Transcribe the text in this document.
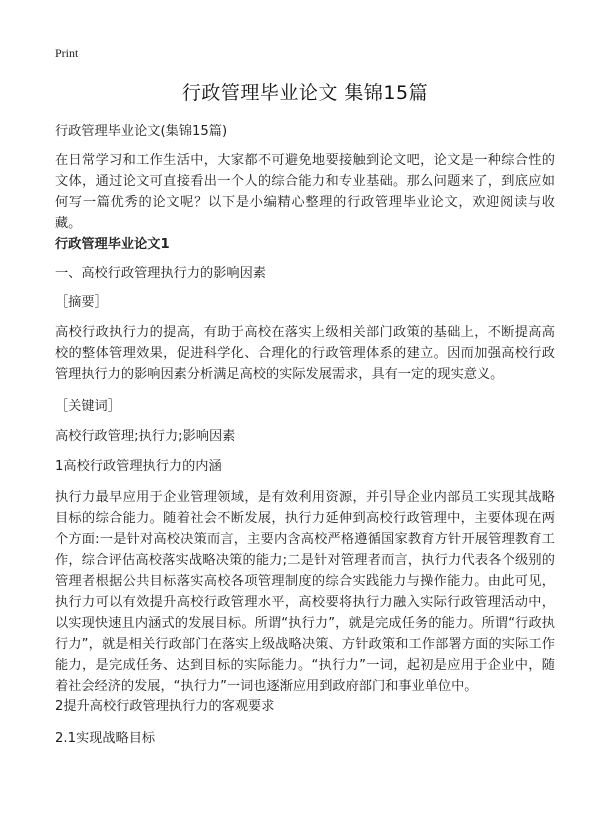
Print
行政管理毕业论文 集锦15篇
行政管理毕业论文(集锦15篇)
在日常学习和工作生活中，大家都不可避免地要接触到论文吧，论文是一种综合性的文体，通过论文可直接看出一个人的综合能力和专业基础。那么问题来了，到底应如何写一篇优秀的论文呢？以下是小编精心整理的行政管理毕业论文，欢迎阅读与收藏。
行政管理毕业论文1
一、高校行政管理执行力的影响因素
［摘要］
高校行政执行力的提高，有助于高校在落实上级相关部门政策的基础上，不断提高高校的整体管理效果，促进科学化、合理化的行政管理体系的建立。因而加强高校行政管理执行力的影响因素分析满足高校的实际发展需求，具有一定的现实意义。
［关键词］
高校行政管理;执行力;影响因素
1高校行政管理执行力的内涵
执行力最早应用于企业管理领域，是有效利用资源，并引导企业内部员工实现其战略目标的综合能力。随着社会不断发展，执行力延伸到高校行政管理中，主要体现在两个方面:一是针对高校决策而言，主要内含高校严格遵循国家教育方针开展管理教育工作，综合评估高校落实战略决策的能力;二是针对管理者而言，执行力代表各个级别的管理者根据公共目标落实高校各项管理制度的综合实践能力与操作能力。由此可见，执行力可以有效提升高校行政管理水平，高校要将执行力融入实际行政管理活动中，以实现快速且内涵式的发展目标。所谓“执行力”，就是完成任务的能力。所谓“行政执行力”，就是相关行政部门在落实上级战略决策、方针政策和工作部署方面的实际工作能力，是完成任务、达到目标的实际能力。“执行力”一词，起初是应用于企业中，随着社会经济的发展，“执行力”一词也逐渐应用到政府部门和事业单位中。
2提升高校行政管理执行力的客观要求
2.1实现战略目标
